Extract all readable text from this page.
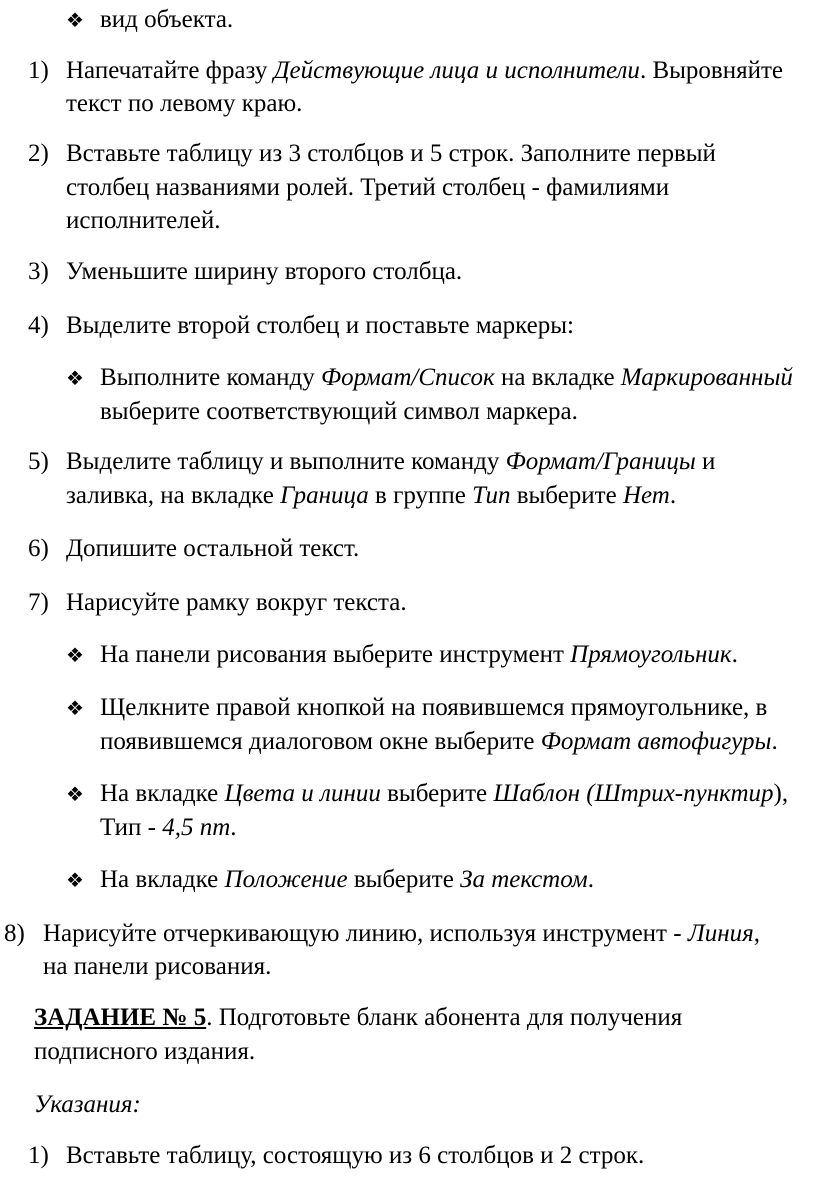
❖ вид объекта.
1) Напечатайте фразу Действующие лица и исполнители. Выровняйте
текст по левому краю.
2) Вставьте таблицу из 3 столбцов и 5 строк. Заполните первый
столбец названиями ролей. Третий столбец - фамилиями
исполнителей.
3) Уменьшите ширину второго столбца.
4) Выделите второй столбец и поставьте маркеры:
❖ Выполните команду Формат/Список на вкладке Маркированный
выберите соответствующий символ маркера.
5) Выделите таблицу и выполните команду Формат/Границы и
заливка, на вкладке Граница в группе Тип выберите Нет.
6) Допишите остальной текст.
7) Нарисуйте рамку вокруг текста.
❖ На панели рисования выберите инструмент Прямоугольник.
❖ Щелкните правой кнопкой на появившемся прямоугольнике, в
появившемся диалоговом окне выберите Формат автофигуры.
❖ На вкладке Цвета и линии выберите Шаблон (Штрих-пунктир),
Тип - 4,5 пт.
❖ На вкладке Положение выберите За текстом.
8) Нарисуйте отчеркивающую линию, используя инструмент - Линия,
на панели рисования.
ЗАДАНИЕ № 5. Подготовьте бланк абонента для получения
подписного издания.
Указания:
1) Вставьте таблицу, состоящую из 6 столбцов и 2 строк.
